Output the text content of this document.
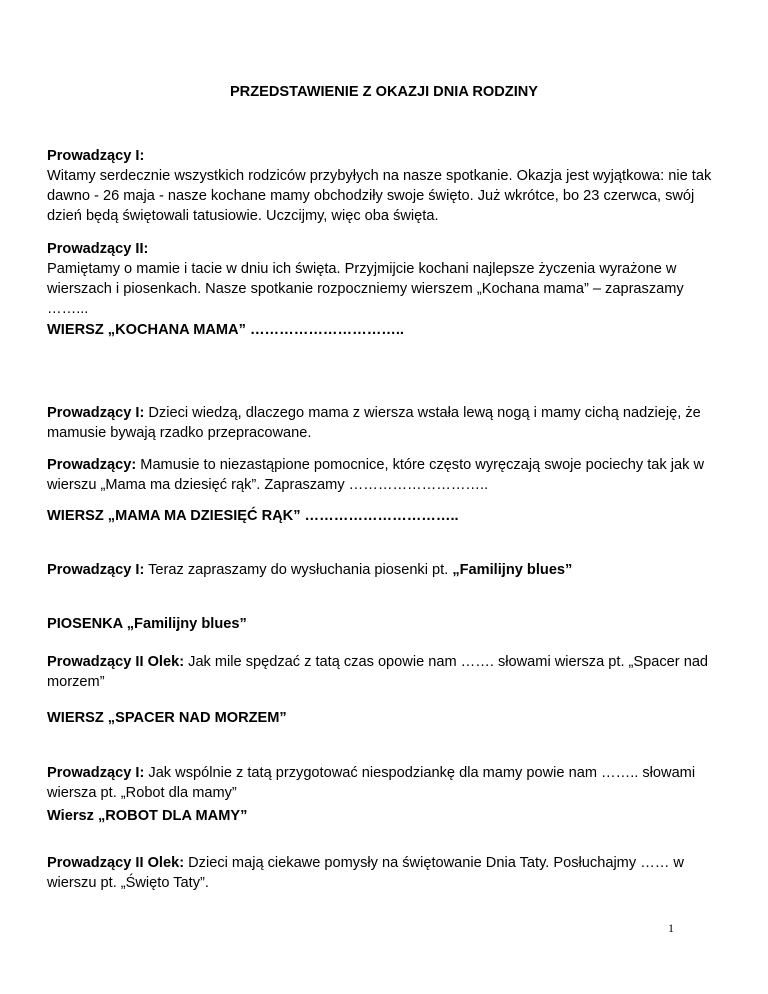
PRZEDSTAWIENIE Z OKAZJI DNIA RODZINY
Prowadzący I:
Witamy serdecznie wszystkich rodziców przybyłych na nasze spotkanie. Okazja jest wyjątkowa: nie tak dawno - 26 maja - nasze kochane mamy obchodziły swoje święto. Już wkrótce, bo 23 czerwca, swój dzień będą świętowali tatusiowie. Uczcijmy, więc oba święta.
Prowadzący II:
Pamiętamy o mamie i tacie w dniu ich święta. Przyjmijcie kochani najlepsze życzenia wyrażone w wierszach i piosenkach. Nasze spotkanie rozpoczniemy wierszem „Kochana mama” – zapraszamy ……...
WIERSZ „KOCHANA MAMA” …………………………..
Prowadzący I: Dzieci wiedzą, dlaczego mama z wiersza wstała lewą nogą i mamy cichą nadzieję, że mamusie bywają rzadko przepracowane.
Prowadzący: Mamusie to niezastąpione pomocnice, które często wyręczają swoje pociechy tak jak w wierszu „Mama ma dziesięć rąk”. Zapraszamy ………………………..
WIERSZ „MAMA MA DZIESIĘĆ RĄK” …………………………..
Prowadzący I: Teraz zapraszamy do wysłuchania piosenki pt. „Familijny blues”
PIOSENKA „Familijny blues”
Prowadzący II Olek: Jak mile spędzać z tatą czas opowie nam ……. słowami wiersza pt. „Spacer nad morzem”
WIERSZ „SPACER NAD MORZEM”
Prowadzący I: Jak wspólnie z tatą przygotować niespodziankę dla mamy powie nam …….. słowami wiersza pt. „Robot dla mamy”
Wiersz „ROBOT DLA MAMY”
Prowadzący II Olek: Dzieci mają ciekawe pomysły na świętowanie Dnia Taty. Posłuchajmy …… w wierszu pt. „Święto Taty”.
1
